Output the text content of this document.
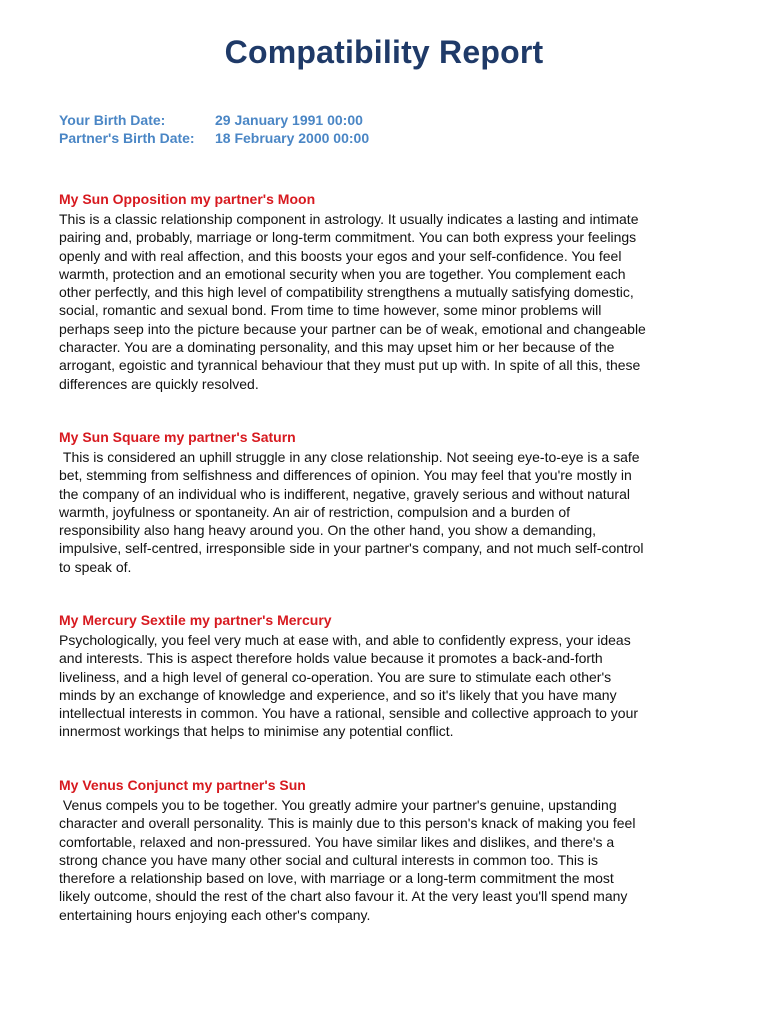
Compatibility Report
Your Birth Date:	29 January 1991 00:00
Partner's Birth Date: 18 February 2000 00:00
My Sun Opposition my partner's Moon

This is a classic relationship component in astrology. It usually indicates a lasting and intimate
pairing and, probably, marriage or long-term commitment. You can both express your feelings
openly and with real affection, and this boosts your egos and your self-confidence. You feel
warmth, protection and an emotional security when you are together. You complement each
other perfectly, and this high level of compatibility strengthens a mutually satisfying domestic,
social, romantic and sexual bond. From time to time however, some minor problems will
perhaps seep into the picture because your partner can be of weak, emotional and changeable
character. You are a dominating personality, and this may upset him or her because of the
arrogant, egoistic and tyrannical behaviour that they must put up with. In spite of all this, these
differences are quickly resolved.

My Sun Square my partner's Saturn

This is considered an uphill struggle in any close relationship. Not seeing eye-to-eye is a safe
bet, stemming from selfishness and differences of opinion. You may feel that you're mostly in
the company of an individual who is indifferent, negative, gravely serious and without natural
warmth, joyfulness or spontaneity. An air of restriction, compulsion and a burden of
responsibility also hang heavy around you. On the other hand, you show a demanding,
impulsive, self-centred, irresponsible side in your partner's company, and not much self-control
to speak of.

My Mercury Sextile my partner's Mercury

Psychologically, you feel very much at ease with, and able to confidently express, your ideas
and interests. This is aspect therefore holds value because it promotes a back-and-forth
liveliness, and a high level of general co-operation. You are sure to stimulate each other's
minds by an exchange of knowledge and experience, and so it's likely that you have many
intellectual interests in common. You have a rational, sensible and collective approach to your
innermost workings that helps to minimise any potential conflict.

My Venus Conjunct my partner's Sun

Venus compels you to be together. You greatly admire your partner's genuine, upstanding
character and overall personality. This is mainly due to this person's knack of making you feel
comfortable, relaxed and non-pressured. You have similar likes and dislikes, and there's a
strong chance you have many other social and cultural interests in common too. This is
therefore a relationship based on love, with marriage or a long-term commitment the most
likely outcome, should the rest of the chart also favour it. At the very least you'll spend many
entertaining hours enjoying each other's company.
